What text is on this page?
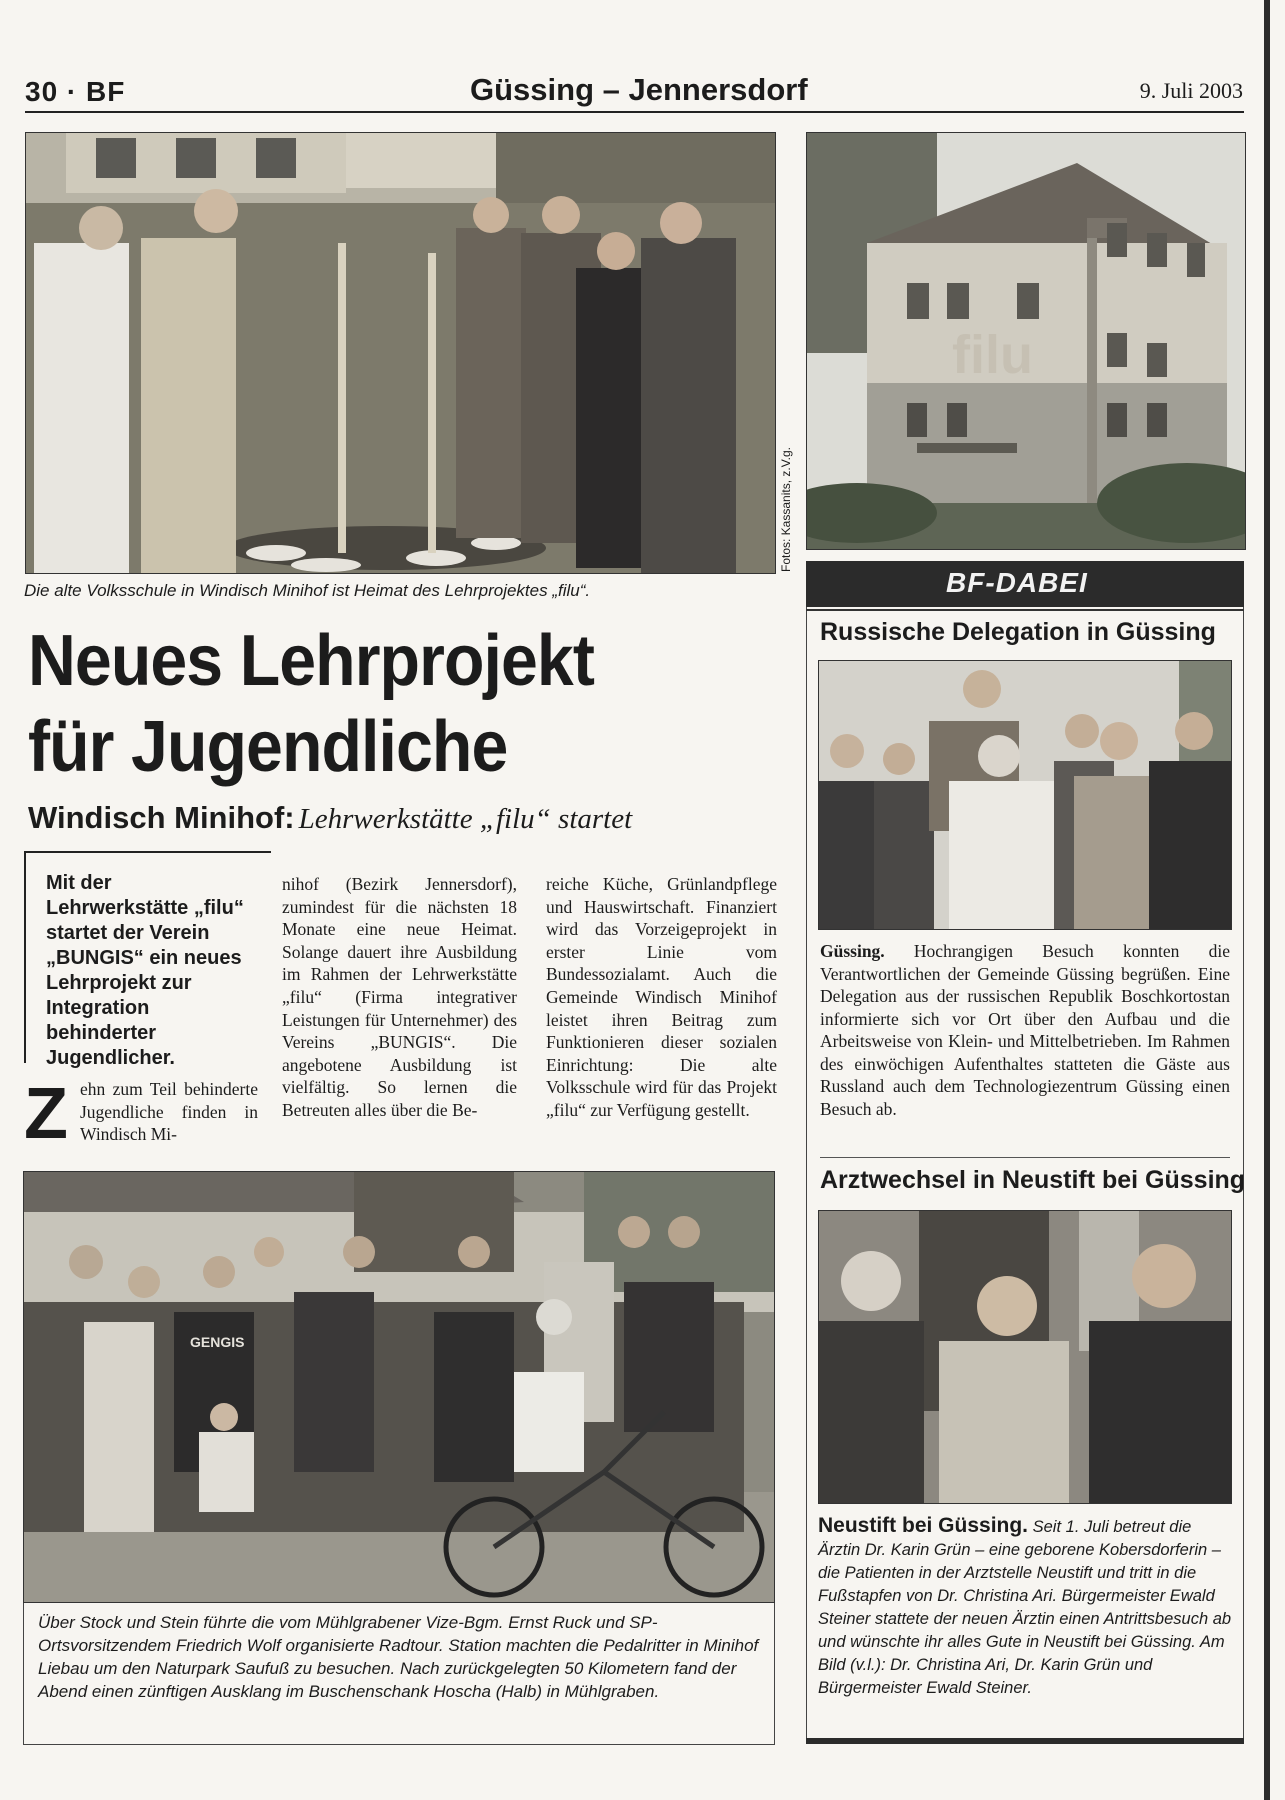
30 · BF	Güssing – Jennersdorf	9. Juli 2003
filu
Fotos: Kassanits, z.V.g.
Die alte Volksschule in Windisch Minihof ist Heimat des Lehrprojektes „filu“.
Neues Lehrprojekt
für Jugendliche
Windisch Minihof: Lehrwerkstätte „filu“ startet
Mit der Lehrwerkstätte „filu“ startet der Verein „BUNGIS“ ein neues Lehrprojekt zur Integration behinderter Jugendlicher.
Z ehn zum Teil behinderte Jugendliche finden in Windisch Mi-

nihof (Bezirk Jennersdorf), zumindest für die nächsten 18 Monate eine neue Heimat. Solange dauert ihre Ausbildung im Rahmen der Lehrwerkstätte „filu“ (Firma integrativer Leistungen für Unternehmer) des Vereins „BUNGIS“. Die angebotene Ausbildung ist vielfältig. So lernen die Betreuten alles über die Be-

reiche Küche, Grünlandpflege und Hauswirtschaft. Finanziert wird das Vorzeigeprojekt in erster Linie vom Bundessozialamt. Auch die Gemeinde Windisch Minihof leistet ihren Beitrag zum Funktionieren dieser sozialen Einrichtung: Die alte Volksschule wird für das Projekt „filu“ zur Verfügung gestellt.

GENGIS
Über Stock und Stein führte die vom Mühlgrabener Vize-Bgm. Ernst Ruck und SP-Ortsvorsitzendem Friedrich Wolf organisierte Radtour. Station machten die Pedalritter in Minihof Liebau um den Naturpark Saufuß zu besuchen. Nach zurückgelegten 50 Kilometern fand der Abend einen zünftigen Ausklang im Buschenschank Hoscha (Halb) in Mühlgraben.
BF-DABEI
Russische Delegation in Güssing
Güssing. Hochrangigen Besuch konnten die Verantwortlichen der Gemeinde Güssing begrüßen. Eine Delegation aus der russischen Republik Boschkortostan informierte sich vor Ort über den Aufbau und die Arbeitsweise von Klein- und Mittelbetrieben. Im Rahmen des einwöchigen Aufenthaltes statteten die Gäste aus Russland auch dem Technologiezentrum Güssing einen Besuch ab.
Arztwechsel in Neustift bei Güssing
Neustift bei Güssing. Seit 1. Juli betreut die Ärztin Dr. Karin Grün – eine geborene Kobersdorferin – die Patienten in der Arztstelle Neustift und tritt in die Fußstapfen von Dr. Christina Ari. Bürgermeister Ewald Steiner stattete der neuen Ärztin einen Antrittsbesuch ab und wünschte ihr alles Gute in Neustift bei Güssing. Am Bild (v.l.): Dr. Christina Ari, Dr. Karin Grün und Bürgermeister Ewald Steiner.
